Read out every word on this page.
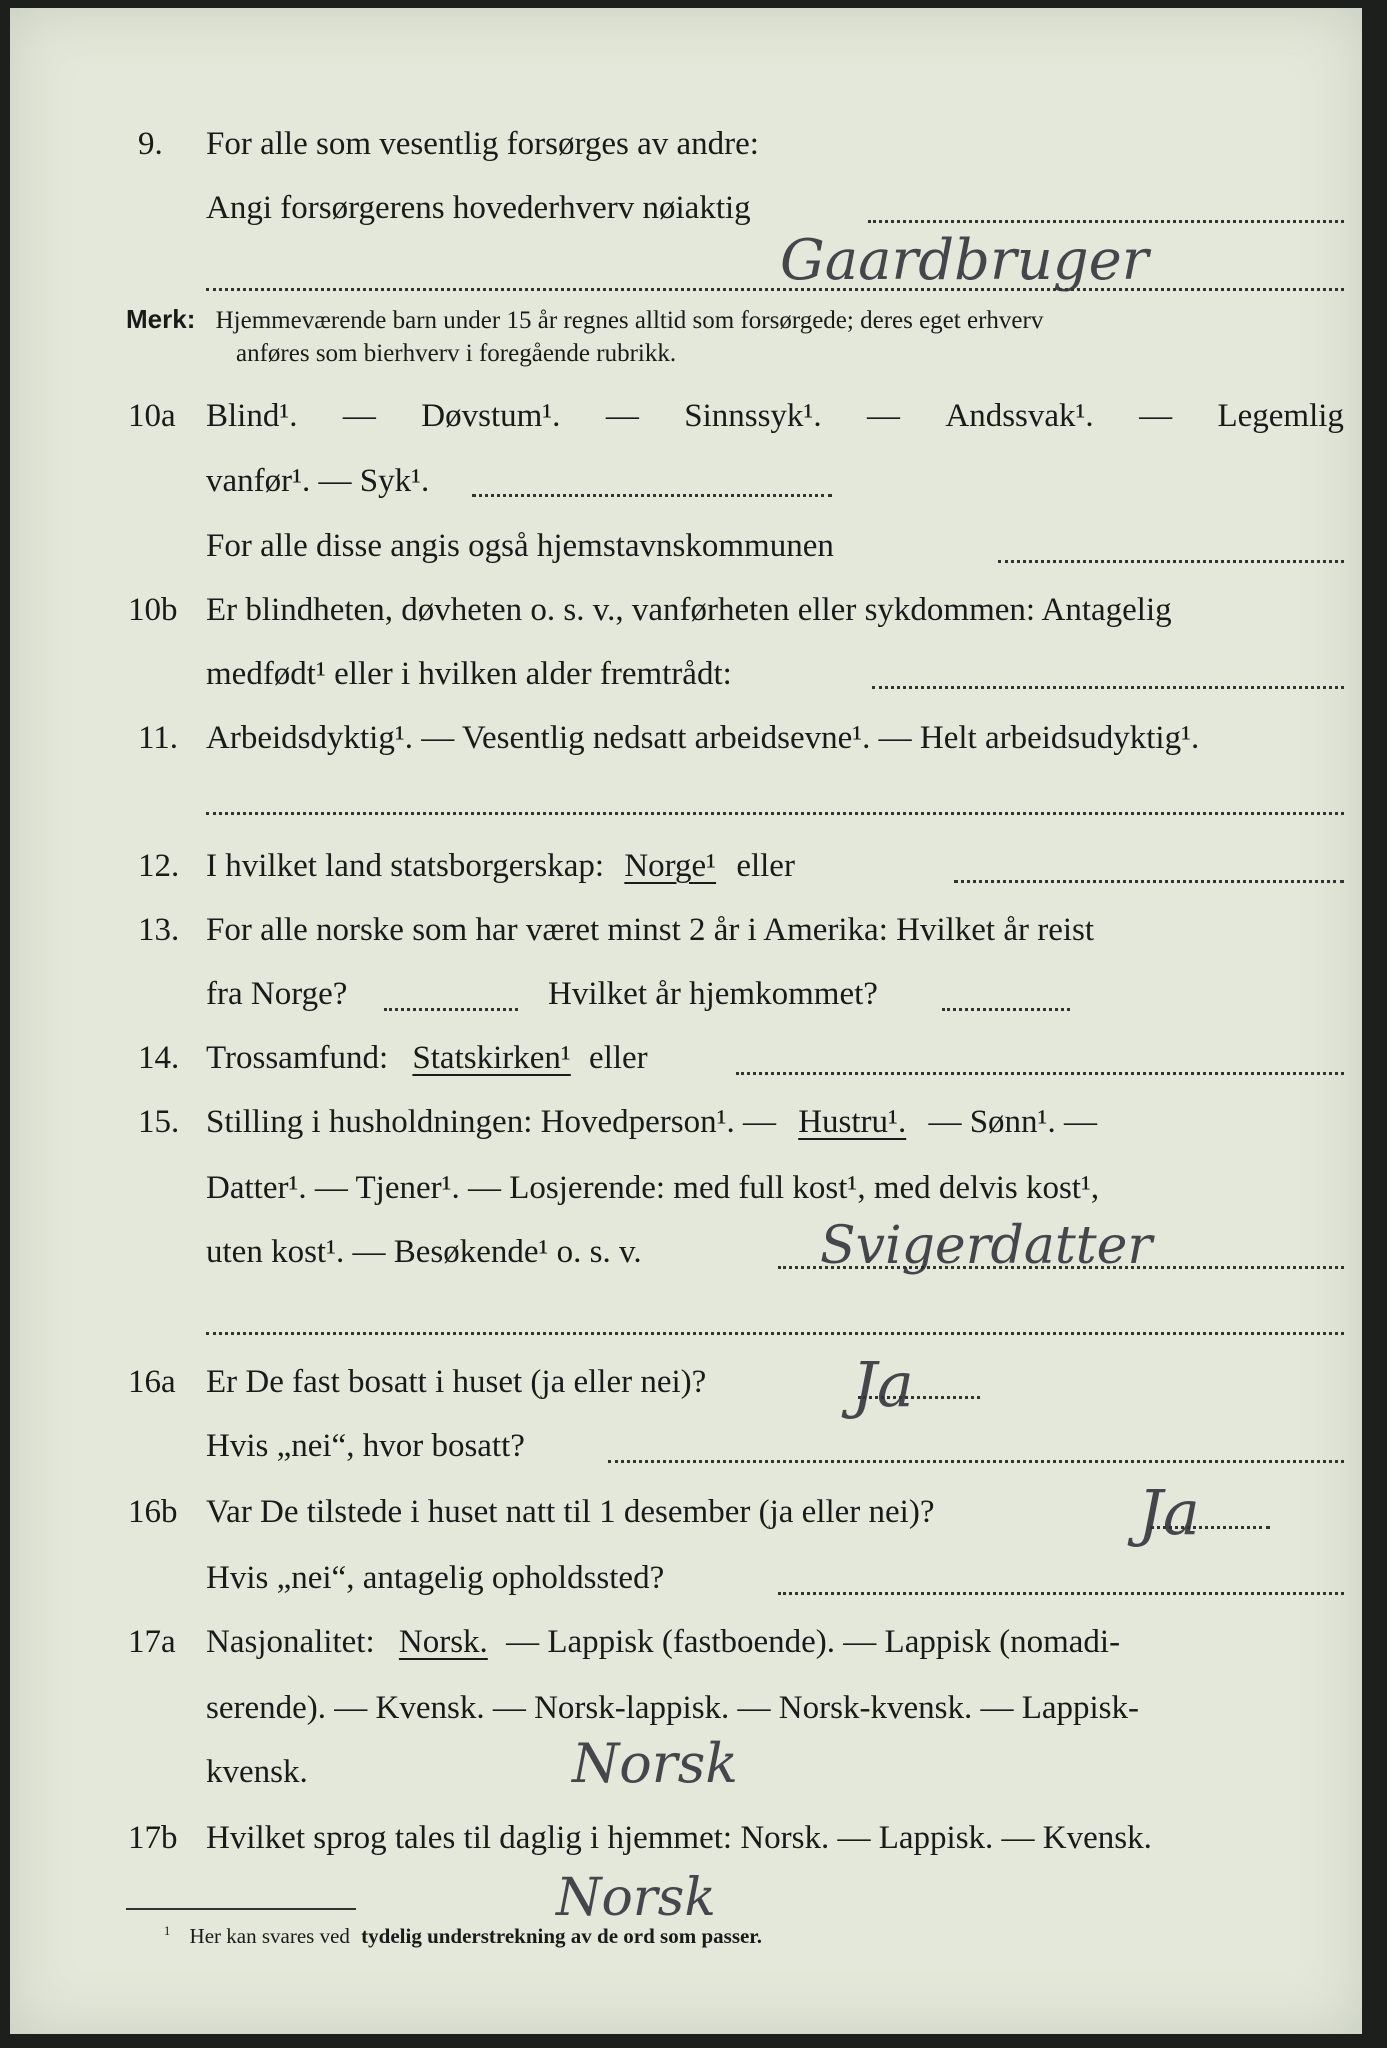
9. For alle som vesentlig forsørges av andre:
Angi forsørgerens hovederhverv nøiaktig
Gaardbruger
Merk: Hjemmeværende barn under 15 år regnes alltid som forsørgede; deres eget erhverv
anføres som bierhverv i foregående rubrikk.
10a Blind¹. — Døvstum¹. — Sinnssyk¹. — Andssvak¹. — Legemlig
vanfør¹. — Syk¹.
For alle disse angis også hjemstavnskommunen
10b Er blindheten, døvheten o. s. v., vanførheten eller sykdommen: Antagelig
medfødt¹ eller i hvilken alder fremtrådt:
11. Arbeidsdyktig¹. — Vesentlig nedsatt arbeidsevne¹. — Helt arbeidsudyktig¹.
12. I hvilket land statsborgerskap: Norge¹ eller
13. For alle norske som har været minst 2 år i Amerika: Hvilket år reist
fra Norge?	Hvilket år hjemkommet?
14. Trossamfund: Statskirken¹ eller
15. Stilling i husholdningen: Hovedperson¹. — Hustru¹. — Sønn¹. —
Datter¹. — Tjener¹. — Losjerende: med full kost¹, med delvis kost¹,
uten kost¹. — Besøkende¹ o. s. v.	Svigerdatter
16a Er De fast bosatt i huset (ja eller nei)? Ja
Hvis „nei“, hvor bosatt?
16b Var De tilstede i huset natt til 1 desember (ja eller nei)?	Ja
Hvis „nei“, antagelig opholdssted?
17a Nasjonalitet: Norsk. — Lappisk (fastboende). — Lappisk (nomadi-
serende). — Kvensk. — Norsk-lappisk. — Norsk-kvensk. — Lappisk-
kvensk.	Norsk
17b Hvilket sprog tales til daglig i hjemmet: Norsk. — Lappisk. — Kvensk.
Norsk
$^1$ Her kan svares ved tydelig understrekning av de ord som passer.
